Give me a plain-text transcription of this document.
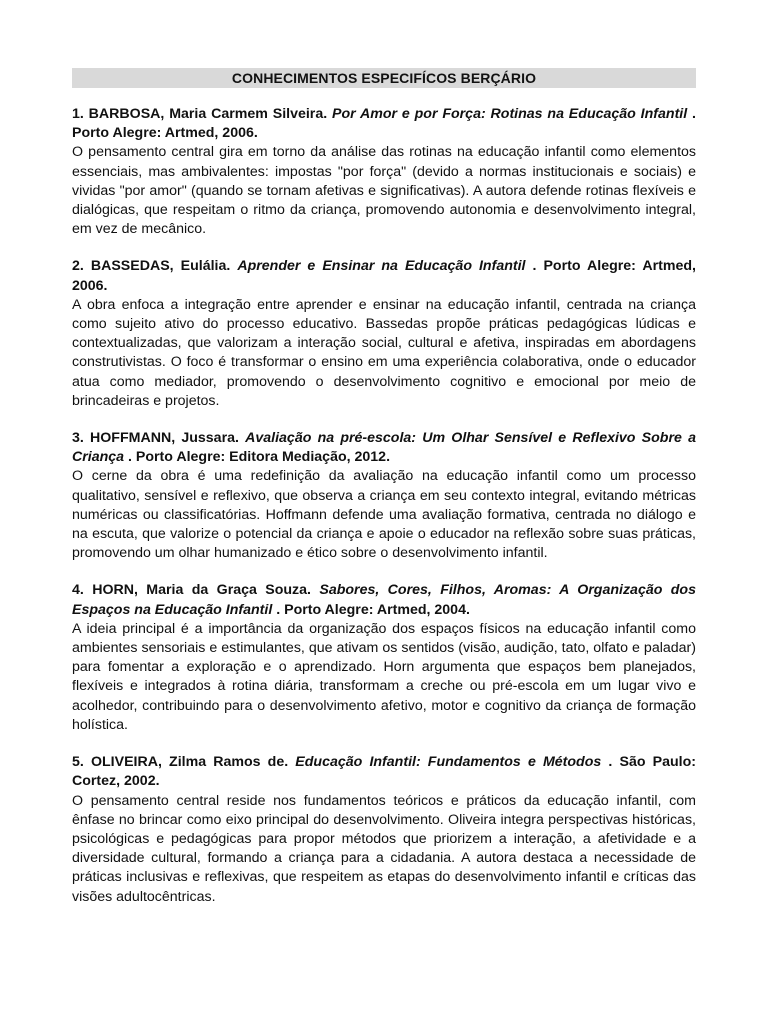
CONHECIMENTOS ESPECIFÍCOS BERÇÁRIO
1. BARBOSA, Maria Carmem Silveira. Por Amor e por Força: Rotinas na Educação Infantil . Porto Alegre: Artmed, 2006.
O pensamento central gira em torno da análise das rotinas na educação infantil como elementos essenciais, mas ambivalentes: impostas "por força" (devido a normas institucionais e sociais) e vividas "por amor" (quando se tornam afetivas e significativas). A autora defende rotinas flexíveis e dialógicas, que respeitam o ritmo da criança, promovendo autonomia e desenvolvimento integral, em vez de mecânico.
2. BASSEDAS, Eulália. Aprender e Ensinar na Educação Infantil . Porto Alegre: Artmed, 2006.
A obra enfoca a integração entre aprender e ensinar na educação infantil, centrada na criança como sujeito ativo do processo educativo. Bassedas propõe práticas pedagógicas lúdicas e contextualizadas, que valorizam a interação social, cultural e afetiva, inspiradas em abordagens construtivistas. O foco é transformar o ensino em uma experiência colaborativa, onde o educador atua como mediador, promovendo o desenvolvimento cognitivo e emocional por meio de brincadeiras e projetos.
3. HOFFMANN, Jussara. Avaliação na pré-escola: Um Olhar Sensível e Reflexivo Sobre a Criança . Porto Alegre: Editora Mediação, 2012.
O cerne da obra é uma redefinição da avaliação na educação infantil como um processo qualitativo, sensível e reflexivo, que observa a criança em seu contexto integral, evitando métricas numéricas ou classificatórias. Hoffmann defende uma avaliação formativa, centrada no diálogo e na escuta, que valorize o potencial da criança e apoie o educador na reflexão sobre suas práticas, promovendo um olhar humanizado e ético sobre o desenvolvimento infantil.
4. HORN, Maria da Graça Souza. Sabores, Cores, Filhos, Aromas: A Organização dos Espaços na Educação Infantil . Porto Alegre: Artmed, 2004.
A ideia principal é a importância da organização dos espaços físicos na educação infantil como ambientes sensoriais e estimulantes, que ativam os sentidos (visão, audição, tato, olfato e paladar) para fomentar a exploração e o aprendizado. Horn argumenta que espaços bem planejados, flexíveis e integrados à rotina diária, transformam a creche ou pré-escola em um lugar vivo e acolhedor, contribuindo para o desenvolvimento afetivo, motor e cognitivo da criança de formação holística.
5. OLIVEIRA, Zilma Ramos de. Educação Infantil: Fundamentos e Métodos . São Paulo: Cortez, 2002.
O pensamento central reside nos fundamentos teóricos e práticos da educação infantil, com ênfase no brincar como eixo principal do desenvolvimento. Oliveira integra perspectivas históricas, psicológicas e pedagógicas para propor métodos que priorizem a interação, a afetividade e a diversidade cultural, formando a criança para a cidadania. A autora destaca a necessidade de práticas inclusivas e reflexivas, que respeitem as etapas do desenvolvimento infantil e críticas das visões adultocêntricas.
